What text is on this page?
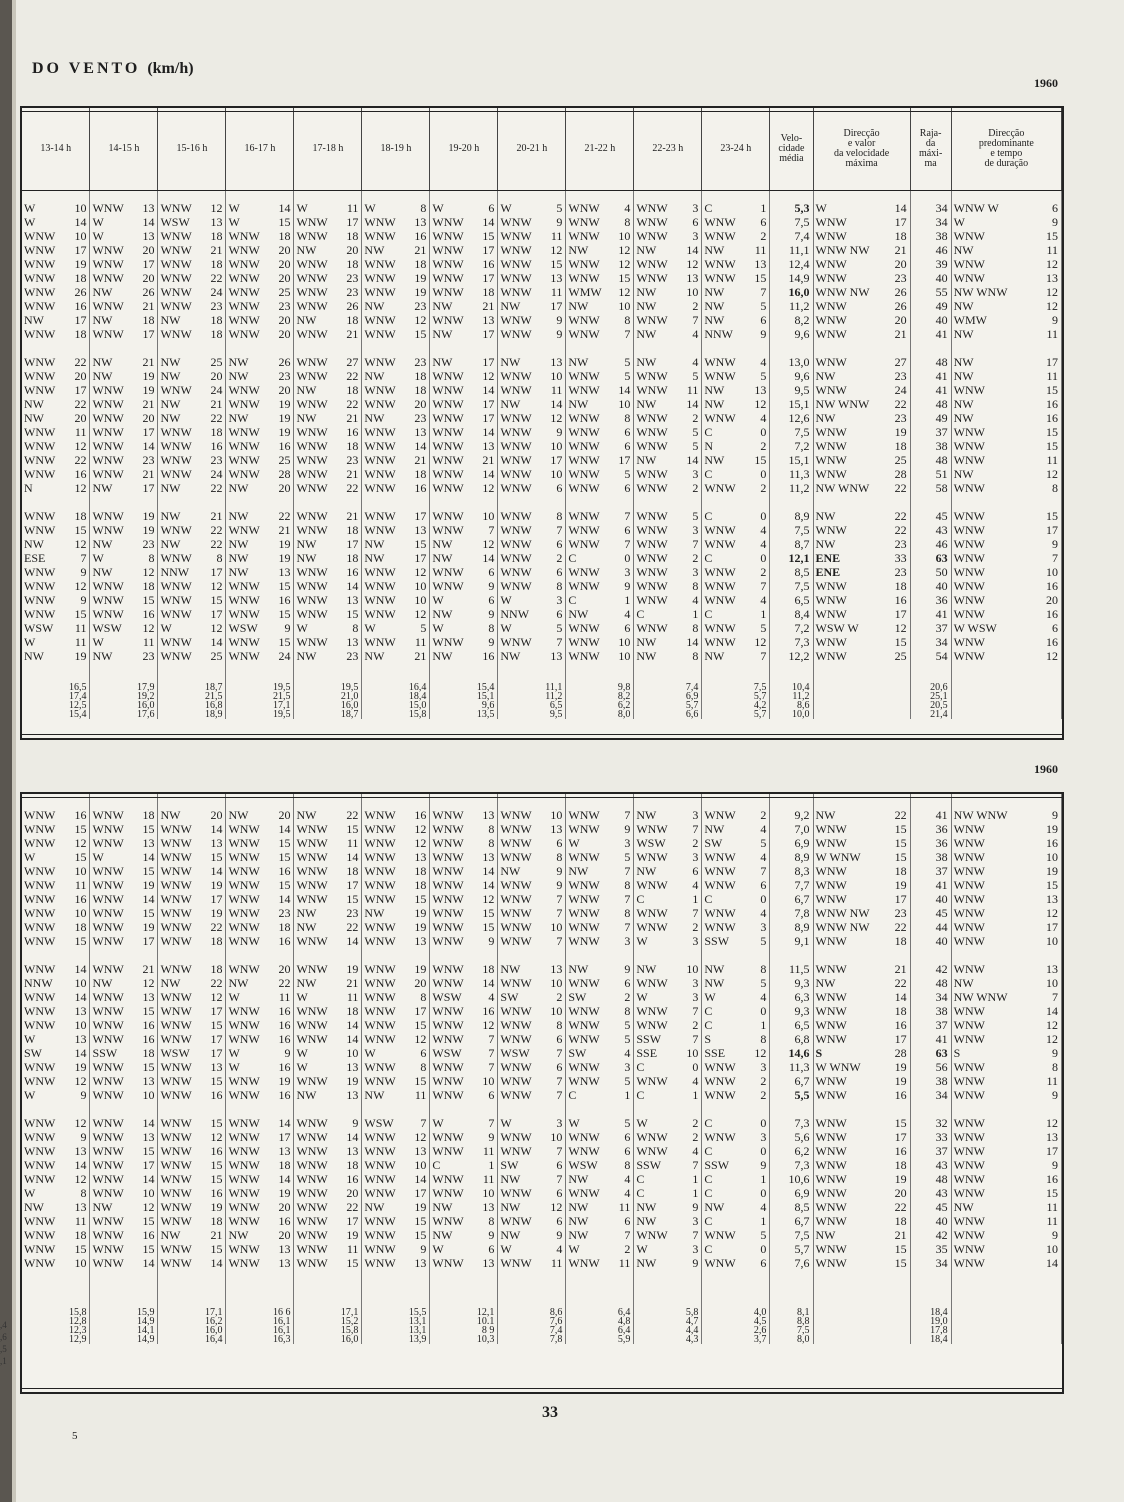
DO VENTO (km/h)
1960
1960
13-14 h		14-15 h		15-16 h		16-17 h		17-18 h		18-19 h		19-20 h		20-21 h		21-22 h		22-23 h		23-24 h		Velo-
cidade
média	Direcção
e valor
da velocidade
máxima		Raja-
da
máxi-
ma	Direcção
predominante
e tempo
de duração	
W	10	WNW	13	WNW	12	W	14	W	11	W	8	W	6	W	5	WNW	4	WNW	3	C	1	5,3	W	14	34	WNW W	6
W	14	W	14	WSW	13	W	15	WNW	17	WNW	13	WNW	14	WNW	9	WNW	8	WNW	6	WNW	6	7,5	WNW	17	34	W	9
WNW	10	W	13	WNW	18	WNW	18	WNW	18	WNW	16	WNW	15	WNW	11	WNW	10	WNW	3	WNW	2	7,4	WNW	18	38	WNW	15
WNW	17	WNW	20	WNW	21	WNW	20	NW	20	NW	21	WNW	17	WNW	12	NW	12	NW	14	NW	11	11,1	WNW NW	21	46	NW	11
WNW	19	WNW	17	WNW	18	WNW	20	WNW	18	WNW	18	WNW	16	WNW	15	WNW	12	WNW	12	WNW	13	12,4	WNW	20	39	WNW	12
WNW	18	WNW	20	WNW	22	WNW	20	WNW	23	WNW	19	WNW	17	WNW	13	WNW	15	WNW	13	WNW	15	14,9	WNW	23	40	WNW	13
WNW	26	NW	26	WNW	24	WNW	25	WNW	23	WNW	19	WNW	18	WNW	11	WMW	12	NW	10	NW	7	16,0	WNW NW	26	55	NW WNW	12
WNW	16	WNW	21	WNW	23	WNW	23	WNW	26	NW	23	NW	21	NW	17	NW	10	NW	2	NW	5	11,2	WNW	26	49	NW	12
NW	17	NW	18	NW	18	WNW	20	NW	18	WNW	12	WNW	13	WNW	9	WNW	8	WNW	7	NW	6	8,2	WNW	20	40	WMW	9
WNW	18	WNW	17	WNW	18	WNW	20	WNW	21	WNW	15	NW	17	WNW	9	WNW	7	NW	4	NNW	9	9,6	WNW	21	41	NW	11
WNW	22	NW	21	NW	25	NW	26	WNW	27	WNW	23	NW	17	NW	13	NW	5	NW	4	WNW	4	13,0	WNW	27	48	NW	17
WNW	20	NW	19	NW	20	NW	23	WNW	22	NW	18	WNW	12	WNW	10	WNW	5	WNW	5	WNW	5	9,6	NW	23	41	NW	11
WNW	17	WNW	19	WNW	24	WNW	20	NW	18	WNW	18	WNW	14	WNW	11	WNW	14	WNW	11	NW	13	9,5	WNW	24	41	WNW	15
NW	22	WNW	21	NW	21	WNW	19	WNW	22	WNW	20	WNW	17	NW	14	NW	10	NW	14	NW	12	15,1	NW WNW	22	48	NW	16
NW	20	WNW	20	NW	22	NW	19	NW	21	NW	23	WNW	17	WNW	12	WNW	8	WNW	2	WNW	4	12,6	NW	23	49	NW	16
WNW	11	WNW	17	WNW	18	WNW	19	WNW	16	WNW	13	WNW	14	WNW	9	WNW	6	WNW	5	C	0	7,5	WNW	19	37	WNW	15
WNW	12	WNW	14	WNW	16	WNW	16	WNW	18	WNW	14	WNW	13	WNW	10	WNW	6	WNW	5	N	2	7,2	WNW	18	38	WNW	15
WNW	22	WNW	23	WNW	23	WNW	25	WNW	23	WNW	21	WNW	21	WNW	17	WNW	17	NW	14	NW	15	15,1	WNW	25	48	WNW	11
WNW	16	WNW	21	WNW	24	WNW	28	WNW	21	WNW	18	WNW	14	WNW	10	WNW	5	WNW	3	C	0	11,3	WNW	28	51	NW	12
N	12	NW	17	NW	22	NW	20	WNW	22	WNW	16	WNW	12	WNW	6	WNW	6	WNW	2	WNW	2	11,2	NW WNW	22	58	WNW	8
WNW	18	WNW	19	NW	21	NW	22	WNW	21	WNW	17	WNW	10	WNW	8	WNW	7	WNW	5	C	0	8,9	NW	22	45	WNW	15
WNW	15	WNW	19	WNW	22	WNW	21	WNW	18	WNW	13	WNW	7	WNW	7	WNW	6	WNW	3	WNW	4	7,5	WNW	22	43	WNW	17
NW	12	NW	23	NW	22	NW	19	NW	17	NW	15	NW	12	WNW	6	WNW	7	WNW	7	WNW	4	8,7	NW	23	46	WNW	9
ESE	7	W	8	WNW	8	NW	19	NW	18	NW	17	NW	14	WNW	2	C	0	WNW	2	C	0	12,1	ENE	33	63	WNW	7
WNW	9	NW	12	NNW	17	NW	13	WNW	16	WNW	12	WNW	6	WNW	6	WNW	3	WNW	3	WNW	2	8,5	ENE	23	50	WNW	10
WNW	12	WNW	18	WNW	12	WNW	15	WNW	14	WNW	10	WNW	9	WNW	8	WNW	9	WNW	8	WNW	7	7,5	WNW	18	40	WNW	16
WNW	9	WNW	15	WNW	15	WNW	16	WNW	13	WNW	10	W	6	W	3	C	1	WNW	4	WNW	4	6,5	WNW	16	36	WNW	20
WNW	15	WNW	16	WNW	17	WNW	15	WNW	15	WNW	12	NW	9	NNW	6	NW	4	C	1	C	1	8,4	WNW	17	41	WNW	16
WSW	11	WSW	12	W	12	WSW	9	W	8	W	5	W	8	W	5	WNW	6	WNW	8	WNW	5	7,2	WSW W	12	37	W WSW	6
W	11	W	11	WNW	14	WNW	15	WNW	13	WNW	11	WNW	9	WNW	7	WNW	10	NW	14	WNW	12	7,3	WNW	15	34	WNW	16
NW	19	NW	23	WNW	25	WNW	24	NW	23	NW	21	NW	16	NW	13	WNW	10	NW	8	NW	7	12,2	WNW	25	54	WNW	12
16,5		17,9		18,7		19,5		19,5		16,4		15,4		11,1		9,8		7,4		7,5		10,4			20,6		
17,4		19,2		21,5		21,5		21,0		18,4		15,1		11,2		8,2		6,9		5,7		11,2			25,1		
12,5		16,0		16,8		17,1		16,0		15,0		9,6		6,5		6,2		5,7		4,2		8,6			20,5		
15,4		17,6		18,9		19,5		18,7		15,8		13,5		9,5		8,0		6,6		5,7		10,0			21,4		
WNW	16	WNW	18	NW	20	NW	20	NW	22	WNW	16	WNW	13	WNW	10	WNW	7	NW	3	WNW	2	9,2	NW	22	41	NW WNW	9
WNW	15	WNW	15	WNW	14	WNW	14	WNW	15	WNW	12	WNW	8	WNW	13	WNW	9	WNW	7	NW	4	7,0	WNW	15	36	WNW	19
WNW	12	WNW	13	WNW	13	WNW	15	WNW	11	WNW	12	WNW	8	WNW	6	W	3	WSW	2	SW	5	6,9	WNW	15	36	WNW	16
W	15	W	14	WNW	15	WNW	15	WNW	14	WNW	13	WNW	13	WNW	8	WNW	5	WNW	3	WNW	4	8,9	W WNW	15	38	WNW	10
WNW	10	WNW	15	WNW	14	WNW	16	WNW	18	WNW	18	WNW	14	NW	9	NW	7	NW	6	WNW	7	8,3	WNW	18	37	WNW	19
WNW	11	WNW	19	WNW	19	WNW	15	WNW	17	WNW	18	WNW	14	WNW	9	WNW	8	WNW	4	WNW	6	7,7	WNW	19	41	WNW	15
WNW	16	WNW	14	WNW	17	WNW	14	WNW	15	WNW	15	WNW	12	WNW	7	WNW	7	C	1	C	0	6,7	WNW	17	40	WNW	13
WNW	10	WNW	15	WNW	19	WNW	23	NW	23	NW	19	WNW	15	WNW	7	WNW	8	WNW	7	WNW	4	7,8	WNW NW	23	45	WNW	12
WNW	18	WNW	19	WNW	22	WNW	18	NW	22	WNW	19	WNW	15	WNW	10	WNW	7	WNW	2	WNW	3	8,9	WNW NW	22	44	WNW	17
WNW	15	WNW	17	WNW	18	WNW	16	WNW	14	WNW	13	WNW	9	WNW	7	WNW	3	W	3	SSW	5	9,1	WNW	18	40	WNW	10
WNW	14	WNW	21	WNW	18	WNW	20	WNW	19	WNW	19	WNW	18	NW	13	NW	9	NW	10	NW	8	11,5	WNW	21	42	WNW	13
NNW	10	NW	12	NW	22	NW	22	NW	21	WNW	20	WNW	14	WNW	10	WNW	6	WNW	3	NW	5	9,3	NW	22	48	NW	10
WNW	14	WNW	13	WNW	12	W	11	W	11	WNW	8	WSW	4	SW	2	SW	2	W	3	W	4	6,3	WNW	14	34	NW WNW	7
WNW	13	WNW	15	WNW	17	WNW	16	WNW	18	WNW	17	WNW	16	WNW	10	WNW	8	WNW	7	C	0	9,3	WNW	18	38	WNW	14
WNW	10	WNW	16	WNW	15	WNW	16	WNW	14	WNW	15	WNW	12	WNW	8	WNW	5	WNW	2	C	1	6,5	WNW	16	37	WNW	12
W	13	WNW	16	WNW	17	WNW	16	WNW	14	WNW	12	WNW	7	WNW	6	WNW	5	SSW	7	S	8	6,8	WNW	17	41	WNW	12
SW	14	SSW	18	WSW	17	W	9	W	10	W	6	WSW	7	WSW	7	SW	4	SSE	10	SSE	12	14,6	S	28	63	S	9
WNW	19	WNW	15	WNW	13	W	16	W	13	WNW	8	WNW	7	WNW	6	WNW	3	C	0	WNW	3	11,3	W WNW	19	56	WNW	8
WNW	12	WNW	13	WNW	15	WNW	19	WNW	19	WNW	15	WNW	10	WNW	7	WNW	5	WNW	4	WNW	2	6,7	WNW	19	38	WNW	11
W	9	WNW	10	WNW	16	WNW	16	NW	13	NW	11	WNW	6	WNW	7	C	1	C	1	WNW	2	5,5	WNW	16	34	WNW	9
WNW	12	WNW	14	WNW	15	WNW	14	WNW	9	WSW	7	W	7	W	3	W	5	W	2	C	0	7,3	WNW	15	32	WNW	12
WNW	9	WNW	13	WNW	12	WNW	17	WNW	14	WNW	12	WNW	9	WNW	10	WNW	6	WNW	2	WNW	3	5,6	WNW	17	33	WNW	13
WNW	13	WNW	15	WNW	16	WNW	13	WNW	13	WNW	13	WNW	11	WNW	7	WNW	6	WNW	4	C	0	6,2	WNW	16	37	WNW	17
WNW	14	WNW	17	WNW	15	WNW	18	WNW	18	WNW	10	C	1	SW	6	WSW	8	SSW	7	SSW	9	7,3	WNW	18	43	WNW	9
WNW	12	WNW	14	WNW	15	WNW	14	WNW	16	WNW	14	WNW	11	NW	7	NW	4	C	1	C	1	10,6	WNW	19	48	WNW	16
W	8	WNW	10	WNW	16	WNW	19	WNW	20	WNW	17	WNW	10	WNW	6	WNW	4	C	1	C	0	6,9	WNW	20	43	WNW	15
NW	13	NW	12	WNW	19	WNW	20	WNW	22	NW	19	NW	13	NW	12	NW	11	NW	9	NW	4	8,5	WNW	22	45	NW	11
WNW	11	WNW	15	WNW	18	WNW	16	WNW	17	WNW	15	WNW	8	WNW	6	NW	6	NW	3	C	1	6,7	WNW	18	40	WNW	11
WNW	18	WNW	16	NW	21	NW	20	WNW	19	WNW	15	NW	9	NW	9	NW	7	WNW	7	WNW	5	7,5	NW	21	42	WNW	9
WNW	15	WNW	15	WNW	15	WNW	13	WNW	11	WNW	9	W	6	W	4	W	2	W	3	C	0	5,7	WNW	15	35	WNW	10
WNW	10	WNW	14	WNW	14	WNW	13	WNW	15	WNW	13	WNW	13	WNW	11	WNW	11	NW	9	WNW	6	7,6	WNW	15	34	WNW	14
15,8		15,9		17,1		16 6		17,1		15,5		12,1		8,6		6,4		5,8		4,0		8,1			18,4		
12,8		14,9		16,2		16,1		15,2		13,1		10.1		7,6		4,8		4,7		4,5		8,8			19,0		
12,3		14,1		16,0		16,1		15,8		13,1		8 9		7,4		6,4		4,4		2,6		7,5			17,8		
12,9		14,9		16,4		16,3		16,0		13,9		10,3		7,8		5,9		4,3		3,7		8,0			18,4		
33
5
,4
,6
,5
,1
